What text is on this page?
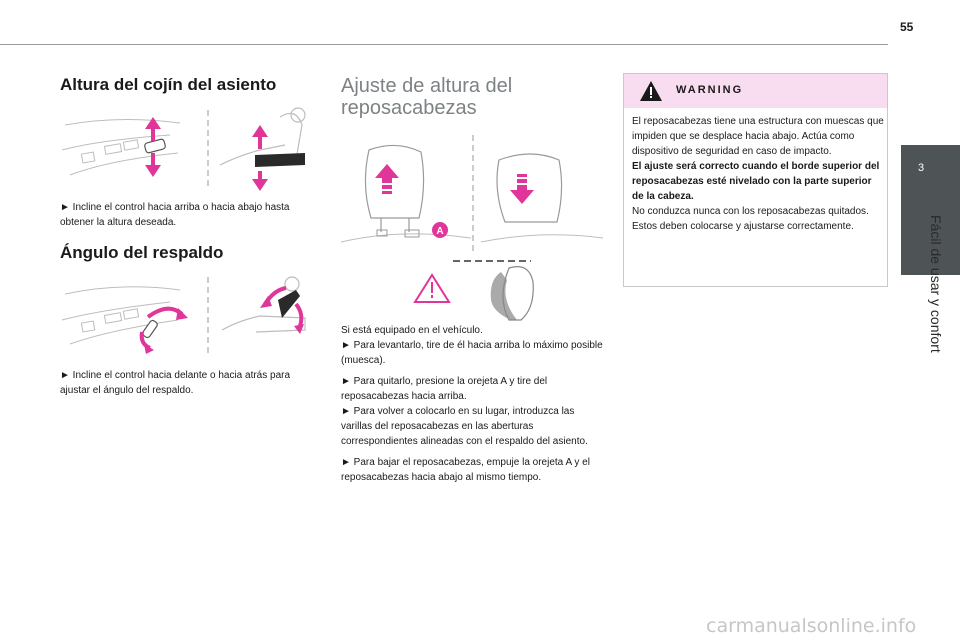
55
3
Fácil de usar y confort
Altura del cojín del asiento

► Incline el control hacia arriba o hacia abajo hasta obtener la altura deseada.

Ángulo del respaldo

► Incline el control hacia delante o hacia atrás para ajustar el ángulo del respaldo.

Ajuste de altura del reposacabezas
A

Si está equipado en el vehículo.

► Para levantarlo, tire de él hacia arriba lo máximo posible (muesca).

► Para quitarlo, presione la orejeta A y tire del reposacabezas hacia arriba.

► Para volver a colocarlo en su lugar, introduzca las varillas del reposacabezas en las aberturas correspondientes alineadas con el respaldo del asiento.

► Para bajar el reposacabezas, empuje la orejeta A y el reposacabezas hacia abajo al mismo tiempo.

WARNING
El reposacabezas tiene una estructura con muescas que impiden que se desplace hacia abajo. Actúa como dispositivo de seguridad en caso de impacto.
El ajuste será correcto cuando el borde superior del reposacabezas esté nivelado con la parte superior de la cabeza.
No conduzca nunca con los reposacabezas quitados. Estos deben colocarse y ajustarse correctamente.
carmanualsonline.info
